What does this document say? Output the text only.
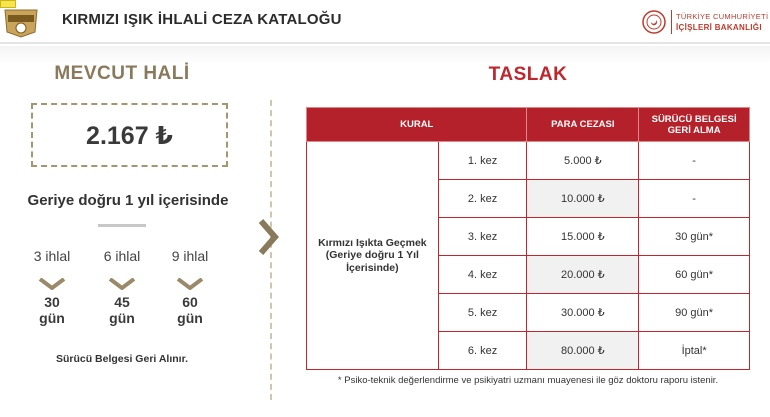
KIRMIZI IŞIK İHLALİ CEZA KATALOĞU	TÜRKİYE CUMHURİYETİ
İÇİŞLERİ BAKANLIĞI
MEVCUT HALİ
2.167 ₺
Geriye doğru 1 yıl içerisinde
3 ihlal
30
gün
6 ihlal
45
gün
9 ihlal
60
gün
Sürücü Belgesi Geri Alınır.
TASLAK
KURAL		PARA CEZASI	SÜRÜCÜ BELGESİ GERİ ALMA
Kırmızı Işıkta Geçmek (Geriye doğru 1 Yıl İçerisinde)	1. kez	5.000 ₺	-
	2. kez	10.000 ₺	-
	3. kez	15.000 ₺	30 gün*
	4. kez	20.000 ₺	60 gün*
	5. kez	30.000 ₺	90 gün*
	6. kez	80.000 ₺	İptal*
* Psiko-teknik değerlendirme ve psikiyatri uzmanı muayenesi ile göz doktoru raporu istenir.
